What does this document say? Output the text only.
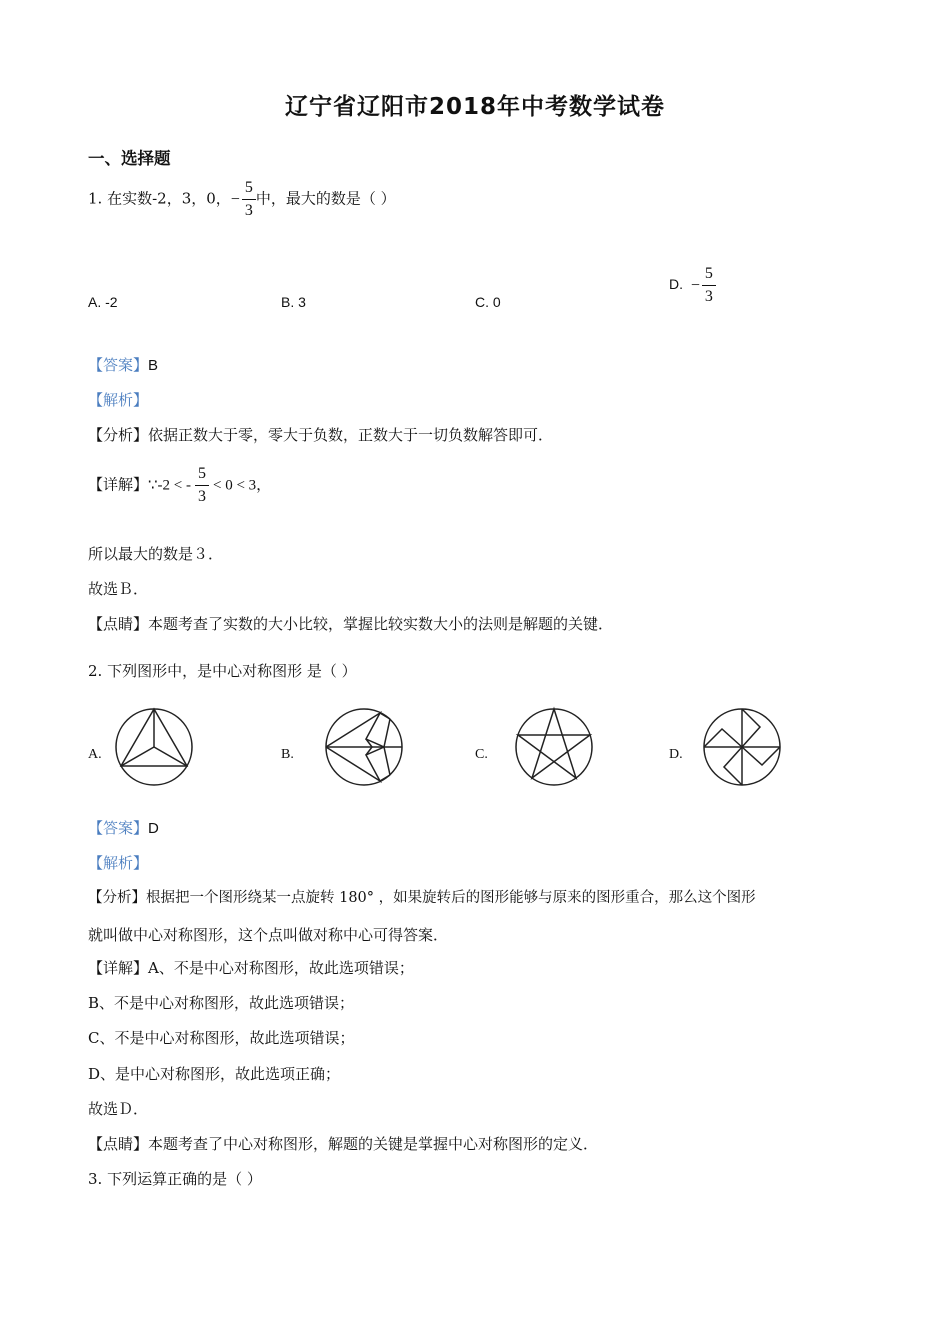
辽宁省辽阳市2018年中考数学试卷
一、选择题
1. 在实数-2，3，0，− $\frac{5}{3}$ 中，最大的数是（ ）
A. -2	B. 3	C. 0
D. − $\frac{5}{3}$
【答案】B
【解析】
【分析】依据正数大于零，零大于负数，正数大于一切负数解答即可．
【详解】∵-2 < - $\frac{5}{3} < 0 < 3$，
所以最大的数是３．
故选Ｂ．
【点睛】本题考查了实数的大小比较，掌握比较实数大小的法则是解题的关键．
2. 下列图形中，是中心对称图形 是（ ）
A.	B.	C.	D.
【答案】D
【解析】
【分析】根据把一个图形绕某一点旋转 180° ，如果旋转后的图形能够与原来的图形重合，那么这个图形
就叫做中心对称图形，这个点叫做对称中心可得答案．
【详解】A、不是中心对称图形，故此选项错误；
B、不是中心对称图形，故此选项错误；
C、不是中心对称图形，故此选项错误；
D、是中心对称图形，故此选项正确；
故选Ｄ．
【点睛】本题考查了中心对称图形，解题的关键是掌握中心对称图形的定义．
3. 下列运算正确的是（ ）
